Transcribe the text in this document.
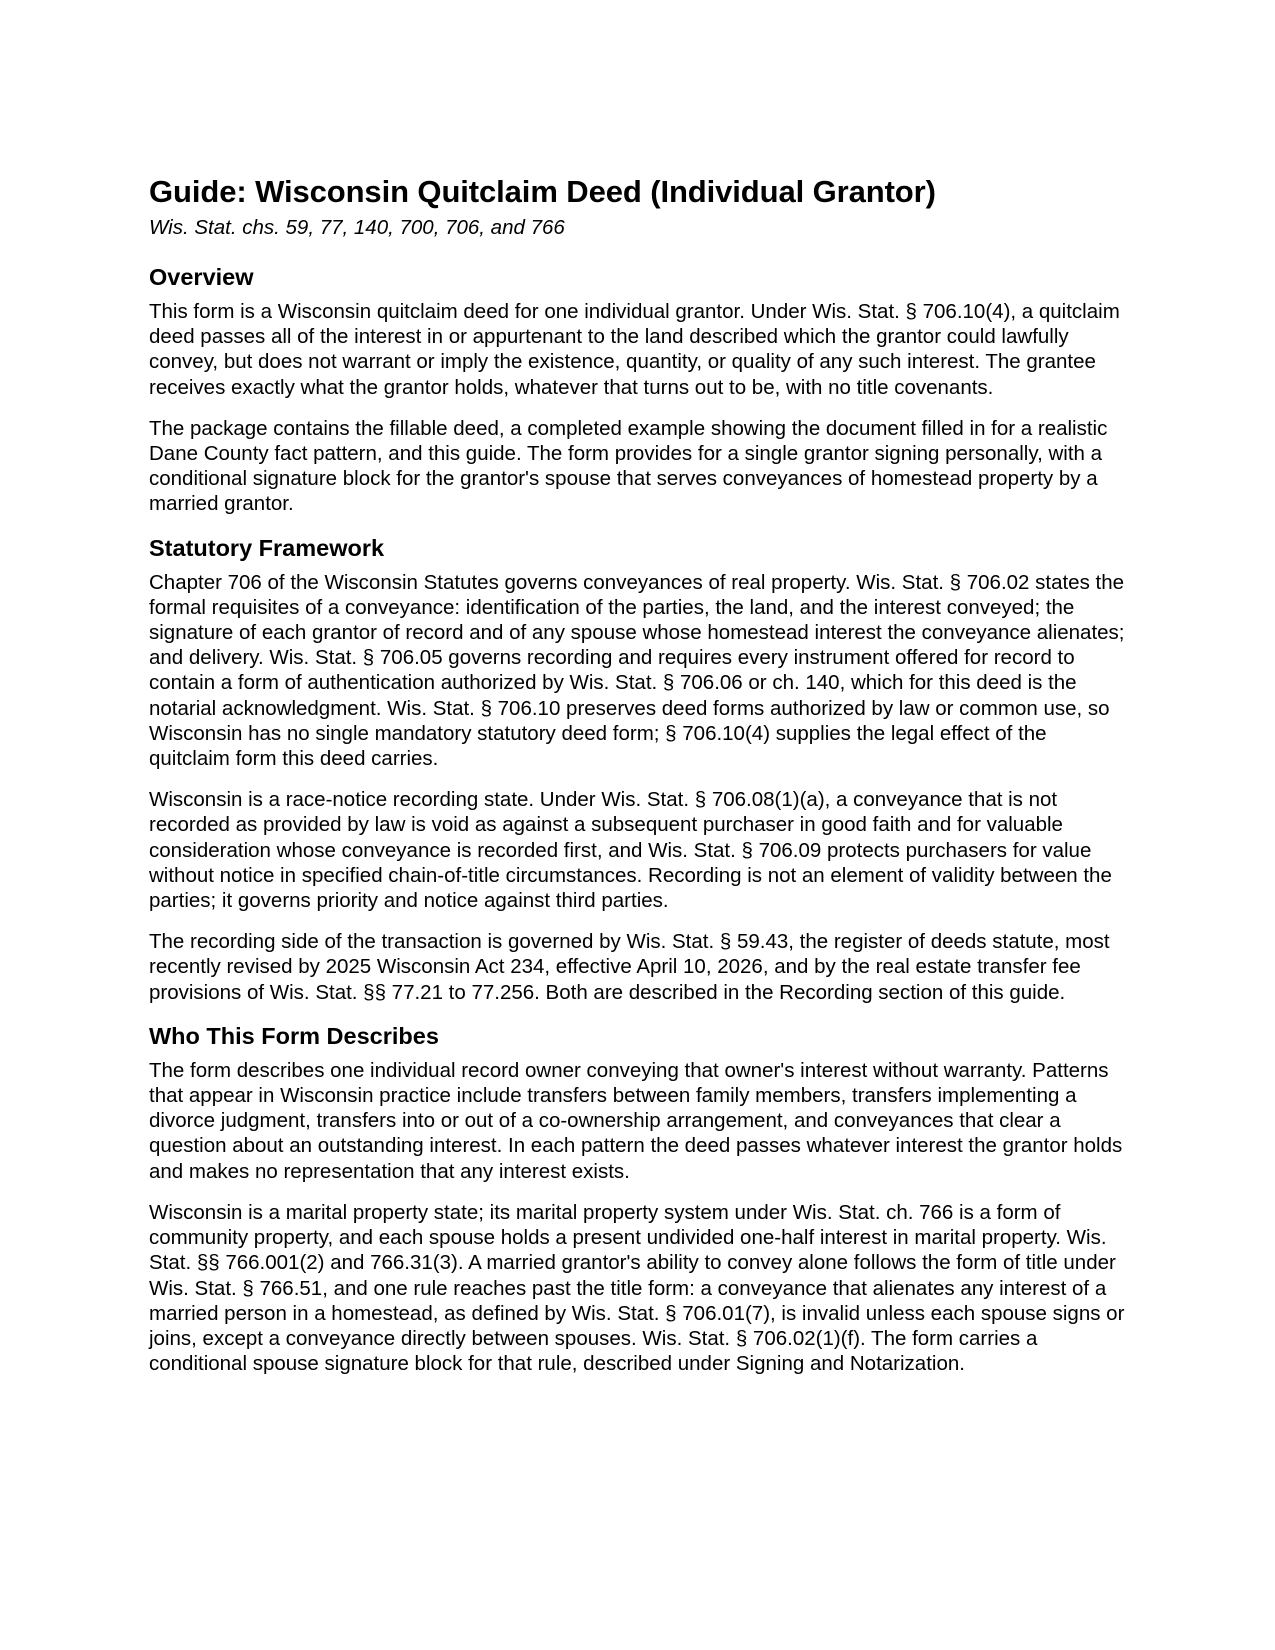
Guide: Wisconsin Quitclaim Deed (Individual Grantor)
Wis. Stat. chs. 59, 77, 140, 700, 706, and 766
Overview

This form is a Wisconsin quitclaim deed for one individual grantor. Under Wis. Stat. § 706.10(4), a quitclaim deed passes all of the interest in or appurtenant to the land described which the grantor could lawfully convey, but does not warrant or imply the existence, quantity, or quality of any such interest. The grantee receives exactly what the grantor holds, whatever that turns out to be, with no title covenants.

The package contains the fillable deed, a completed example showing the document filled in for a realistic Dane County fact pattern, and this guide. The form provides for a single grantor signing personally, with a conditional signature block for the grantor's spouse that serves conveyances of homestead property by a married grantor.

Statutory Framework

Chapter 706 of the Wisconsin Statutes governs conveyances of real property. Wis. Stat. § 706.02 states the formal requisites of a conveyance: identification of the parties, the land, and the interest conveyed; the signature of each grantor of record and of any spouse whose homestead interest the conveyance alienates; and delivery. Wis. Stat. § 706.05 governs recording and requires every instrument offered for record to contain a form of authentication authorized by Wis. Stat. § 706.06 or ch. 140, which for this deed is the notarial acknowledgment. Wis. Stat. § 706.10 preserves deed forms authorized by law or common use, so Wisconsin has no single mandatory statutory deed form; § 706.10(4) supplies the legal effect of the quitclaim form this deed carries.

Wisconsin is a race-notice recording state. Under Wis. Stat. § 706.08(1)(a), a conveyance that is not recorded as provided by law is void as against a subsequent purchaser in good faith and for valuable consideration whose conveyance is recorded first, and Wis. Stat. § 706.09 protects purchasers for value without notice in specified chain-of-title circumstances. Recording is not an element of validity between the parties; it governs priority and notice against third parties.

The recording side of the transaction is governed by Wis. Stat. § 59.43, the register of deeds statute, most recently revised by 2025 Wisconsin Act 234, effective April 10, 2026, and by the real estate transfer fee provisions of Wis. Stat. §§ 77.21 to 77.256. Both are described in the Recording section of this guide.

Who This Form Describes

The form describes one individual record owner conveying that owner's interest without warranty. Patterns that appear in Wisconsin practice include transfers between family members, transfers implementing a divorce judgment, transfers into or out of a co-ownership arrangement, and conveyances that clear a question about an outstanding interest. In each pattern the deed passes whatever interest the grantor holds and makes no representation that any interest exists.

Wisconsin is a marital property state; its marital property system under Wis. Stat. ch. 766 is a form of community property, and each spouse holds a present undivided one-half interest in marital property. Wis. Stat. §§ 766.001(2) and 766.31(3). A married grantor's ability to convey alone follows the form of title under Wis. Stat. § 766.51, and one rule reaches past the title form: a conveyance that alienates any interest of a married person in a homestead, as defined by Wis. Stat. § 706.01(7), is invalid unless each spouse signs or joins, except a conveyance directly between spouses. Wis. Stat. § 706.02(1)(f). The form carries a conditional spouse signature block for that rule, described under Signing and Notarization.
